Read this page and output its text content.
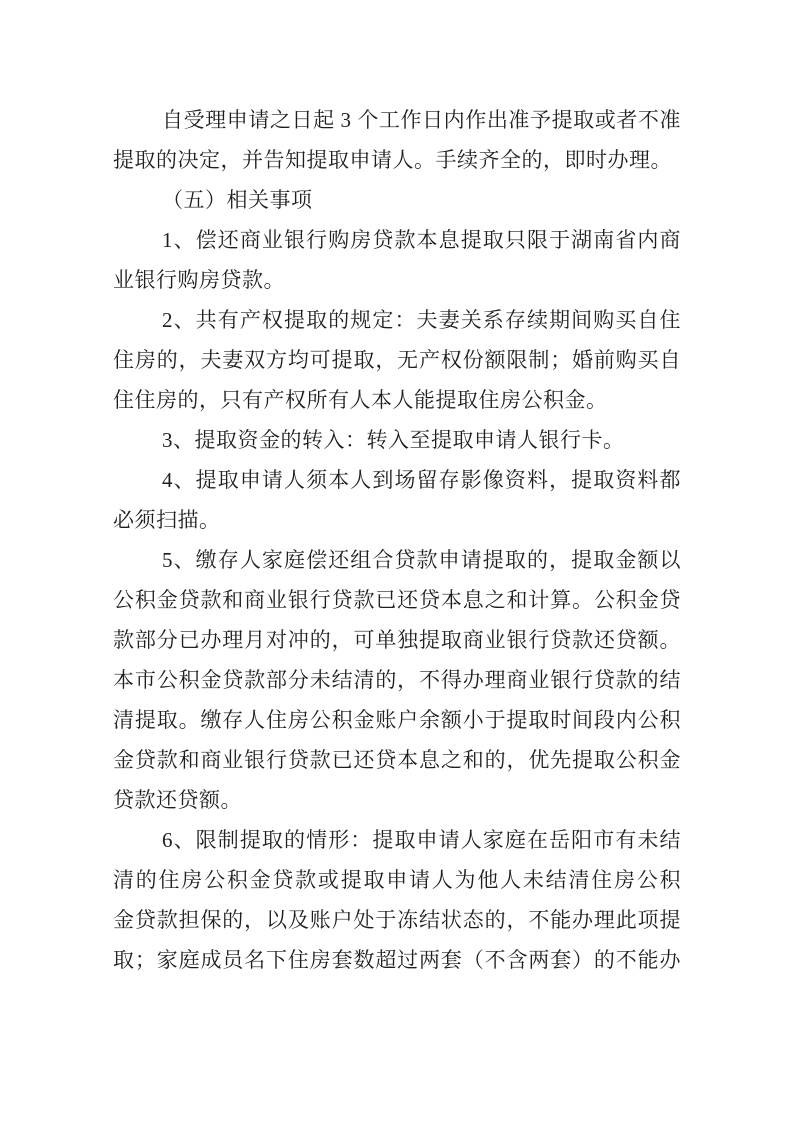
自受理申请之日起 3 个工作日内作出准予提取或者不准
提取的决定，并告知提取申请人。手续齐全的，即时办理。
（五）相关事项
1、偿还商业银行购房贷款本息提取只限于湖南省内商
业银行购房贷款。
2、共有产权提取的规定：夫妻关系存续期间购买自住
住房的，夫妻双方均可提取，无产权份额限制；婚前购买自
住住房的，只有产权所有人本人能提取住房公积金。
3、提取资金的转入：转入至提取申请人银行卡。
4、提取申请人须本人到场留存影像资料，提取资料都
必须扫描。
5、缴存人家庭偿还组合贷款申请提取的，提取金额以
公积金贷款和商业银行贷款已还贷本息之和计算。公积金贷
款部分已办理月对冲的，可单独提取商业银行贷款还贷额。
本市公积金贷款部分未结清的，不得办理商业银行贷款的结
清提取。缴存人住房公积金账户余额小于提取时间段内公积
金贷款和商业银行贷款已还贷本息之和的，优先提取公积金
贷款还贷额。
6、限制提取的情形：提取申请人家庭在岳阳市有未结
清的住房公积金贷款或提取申请人为他人未结清住房公积
金贷款担保的，以及账户处于冻结状态的，不能办理此项提
取；家庭成员名下住房套数超过两套（不含两套）的不能办
